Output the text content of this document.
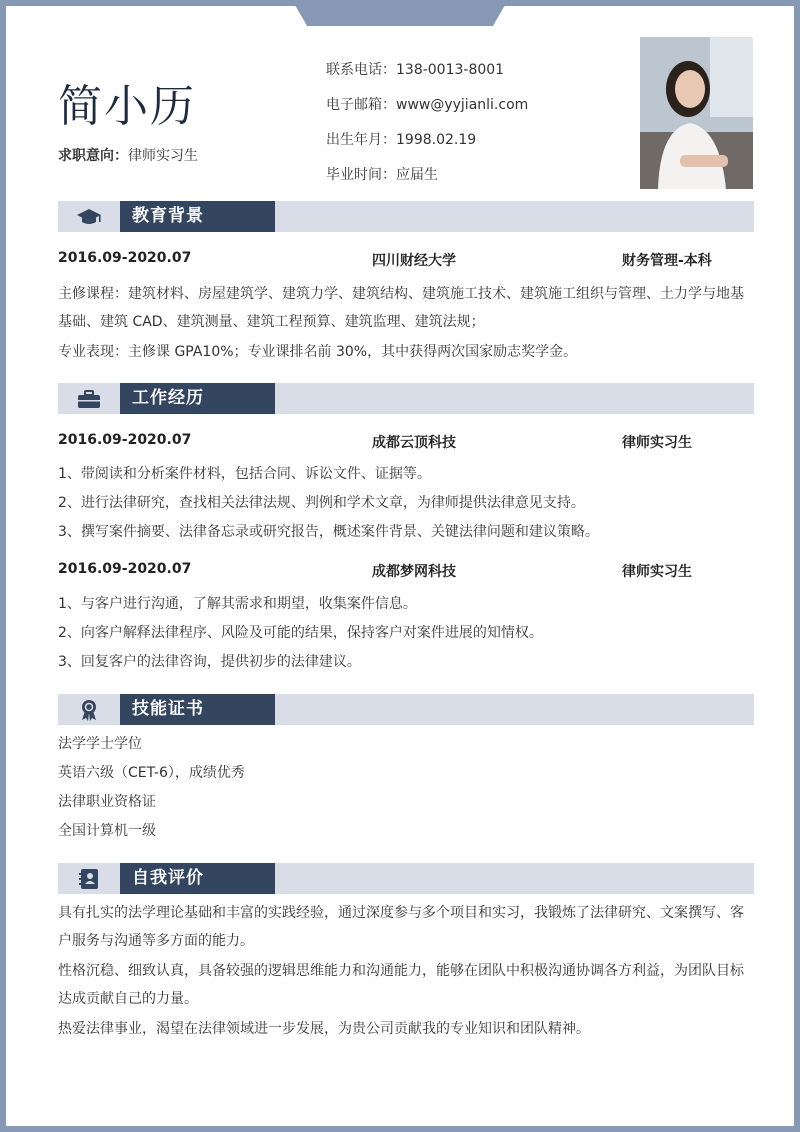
简小历
求职意向：律师实习生
联系电话：138-0013-8001
电子邮箱：www@yyjianli.com
出生年月：1998.02.19
毕业时间：应届生
教育背景
2016.09-2020.07	四川财经大学	财务管理-本科
主修课程：建筑材料、房屋建筑学、建筑力学、建筑结构、建筑施工技术、建筑施工组织与管理、土力学与地基基础、建筑 CAD、建筑测量、建筑工程预算、建筑监理、建筑法规；
专业表现：主修课 GPA10%；专业课排名前 30%，其中获得两次国家励志奖学金。
工作经历
2016.09-2020.07	成都云顶科技	律师实习生
1、带阅读和分析案件材料，包括合同、诉讼文件、证据等。
2、进行法律研究，查找相关法律法规、判例和学术文章，为律师提供法律意见支持。
3、撰写案件摘要、法律备忘录或研究报告，概述案件背景、关键法律问题和建议策略。
2016.09-2020.07	成都梦网科技	律师实习生
1、与客户进行沟通，了解其需求和期望，收集案件信息。
2、向客户解释法律程序、风险及可能的结果，保持客户对案件进展的知情权。
3、回复客户的法律咨询，提供初步的法律建议。
技能证书
法学学士学位
英语六级（CET-6），成绩优秀
法律职业资格证
全国计算机一级
自我评价
具有扎实的法学理论基础和丰富的实践经验，通过深度参与多个项目和实习，我锻炼了法律研究、文案撰写、客户服务与沟通等多方面的能力。
性格沉稳、细致认真，具备较强的逻辑思维能力和沟通能力，能够在团队中积极沟通协调各方利益，为团队目标达成贡献自己的力量。
热爱法律事业，渴望在法律领域进一步发展，为贵公司贡献我的专业知识和团队精神。
